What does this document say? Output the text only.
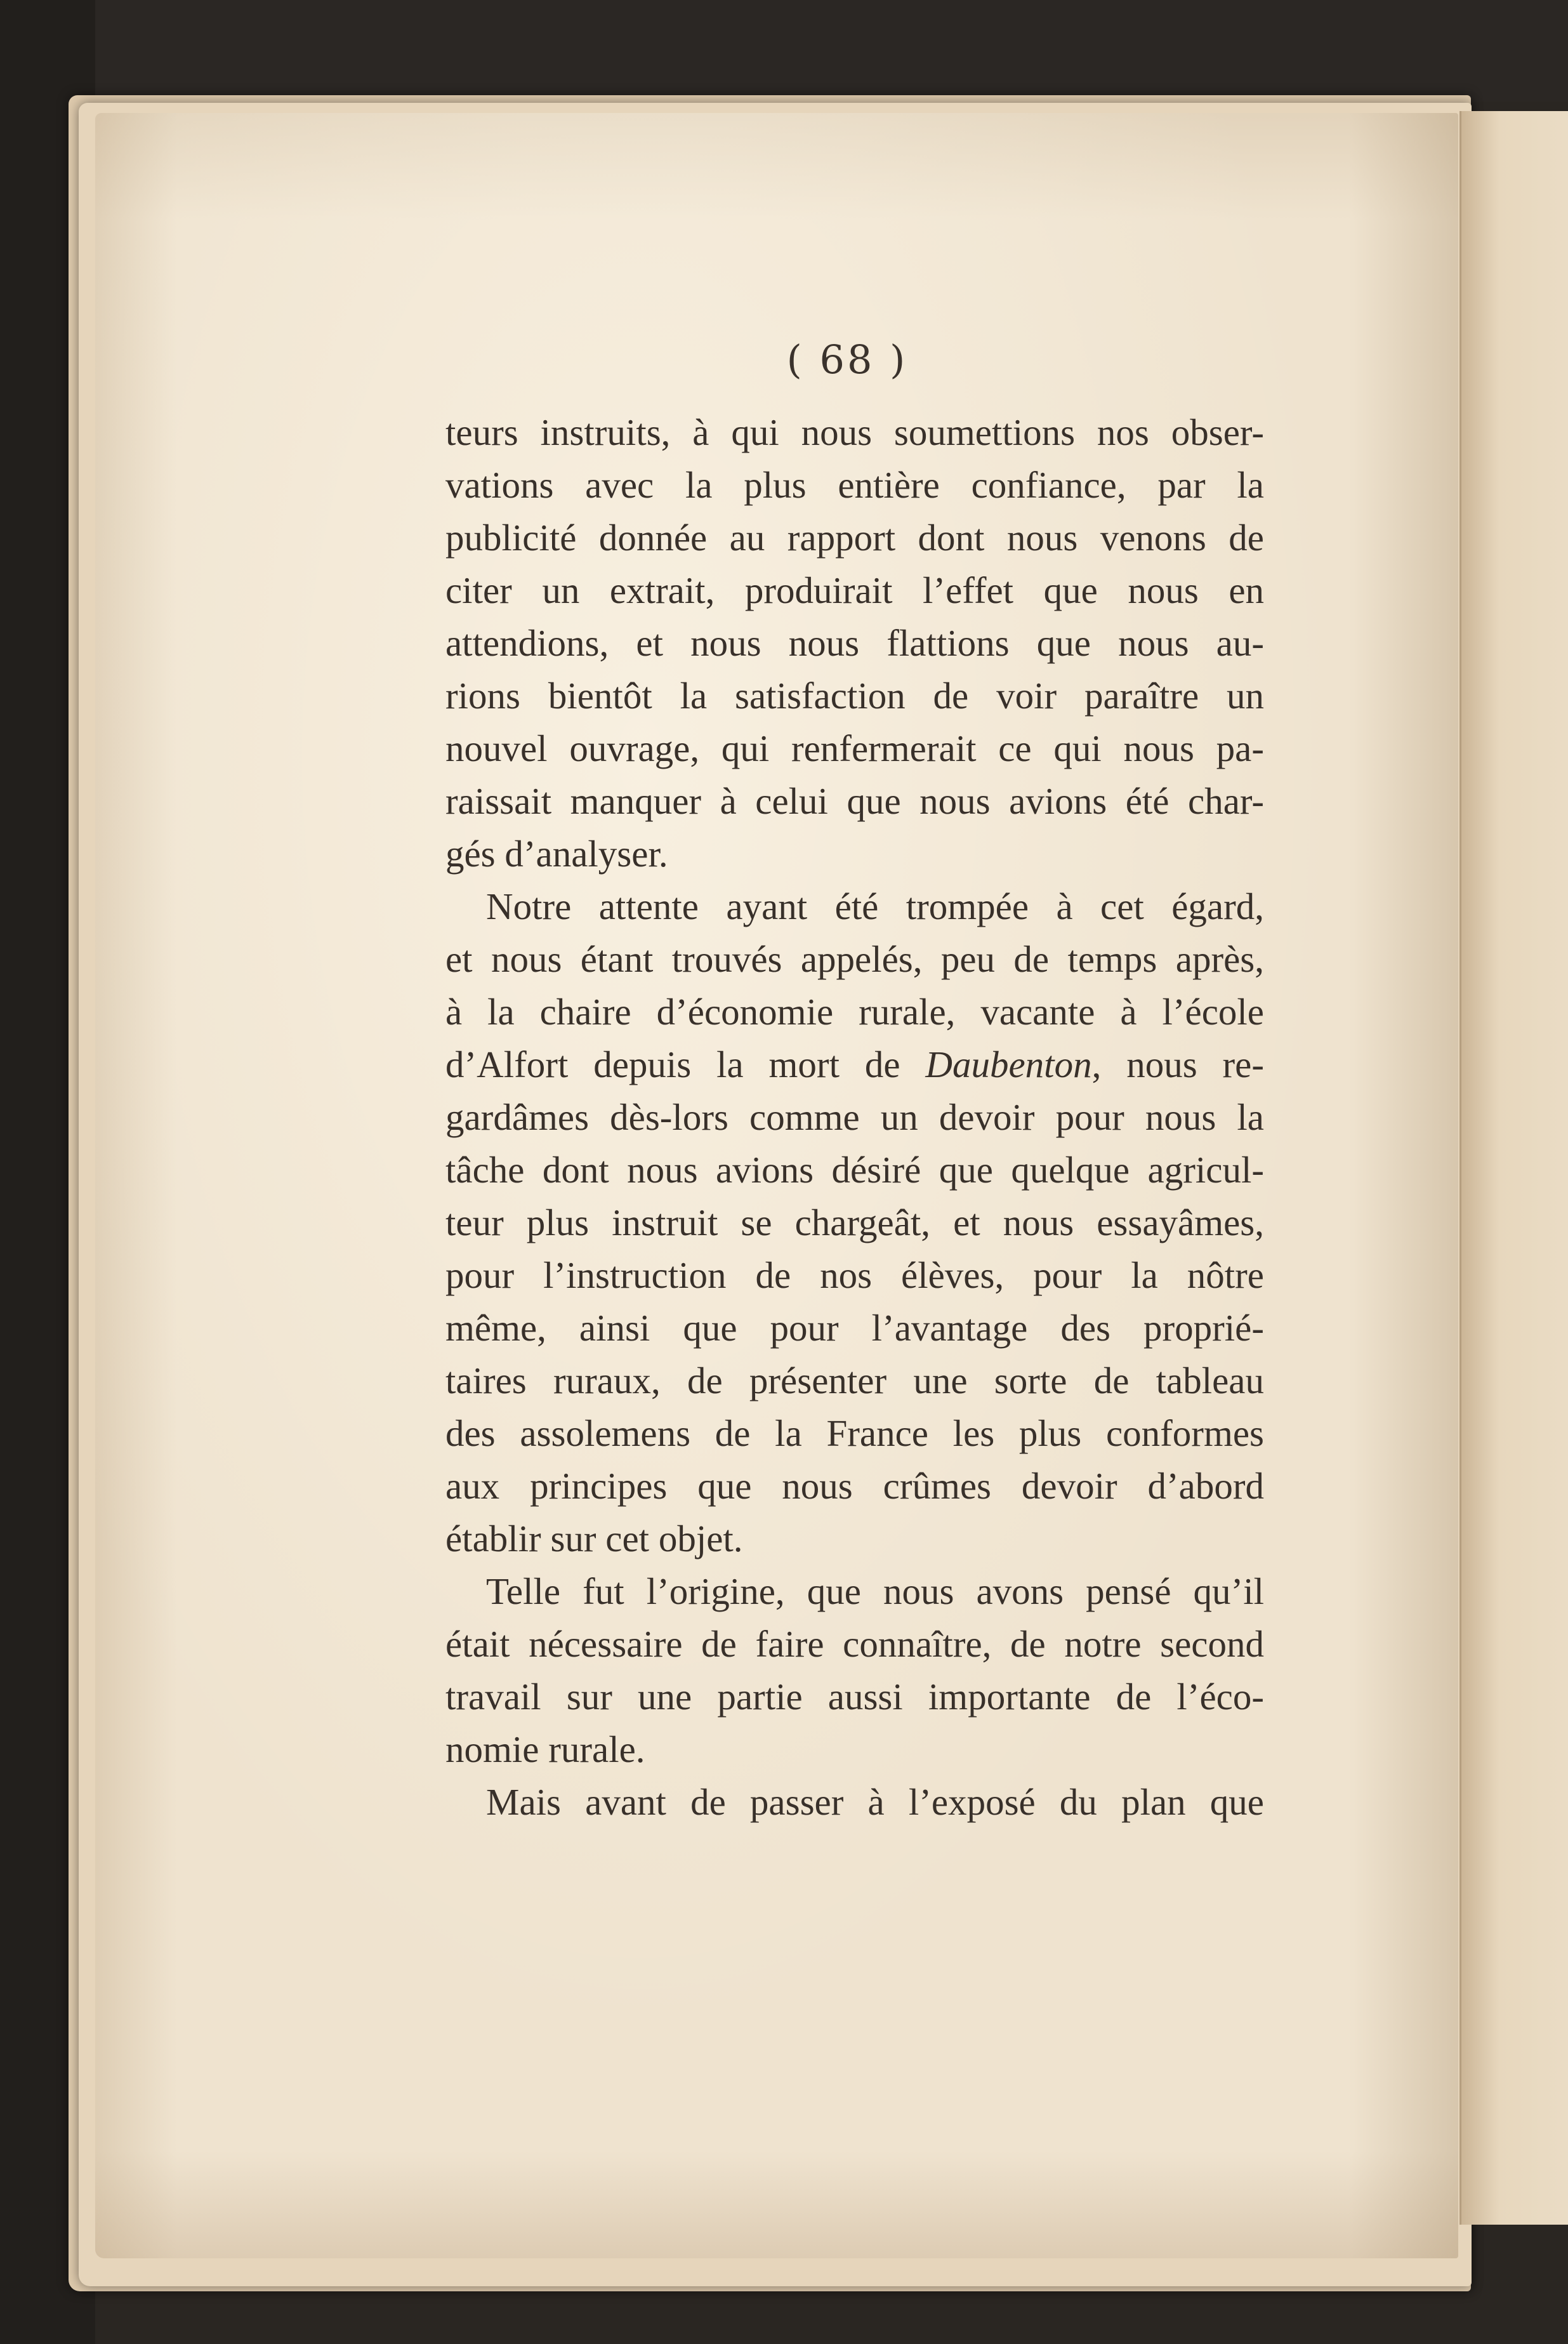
( 68 )
teurs instruits, à qui nous soumettions nos obser-
vations avec la plus entière confiance, par la
publicité donnée au rapport dont nous venons de
citer un extrait, produirait l’effet que nous en
attendions, et nous nous flattions que nous au-
rions bientôt la satisfaction de voir paraître un
nouvel ouvrage, qui renfermerait ce qui nous pa-
raissait manquer à celui que nous avions été char-
gés d’analyser.
Notre attente ayant été trompée à cet égard,
et nous étant trouvés appelés, peu de temps après,
à la chaire d’économie rurale, vacante à l’école
d’Alfort depuis la mort de Daubenton, nous re-
gardâmes dès-lors comme un devoir pour nous la
tâche dont nous avions désiré que quelque agricul-
teur plus instruit se chargeât, et nous essayâmes,
pour l’instruction de nos élèves, pour la nôtre
même, ainsi que pour l’avantage des proprié-
taires ruraux, de présenter une sorte de tableau
des assolemens de la France les plus conformes
aux principes que nous crûmes devoir d’abord
établir sur cet objet.
Telle fut l’origine, que nous avons pensé qu’il
était nécessaire de faire connaître, de notre second
travail sur une partie aussi importante de l’éco-
nomie rurale.
Mais avant de passer à l’exposé du plan que
